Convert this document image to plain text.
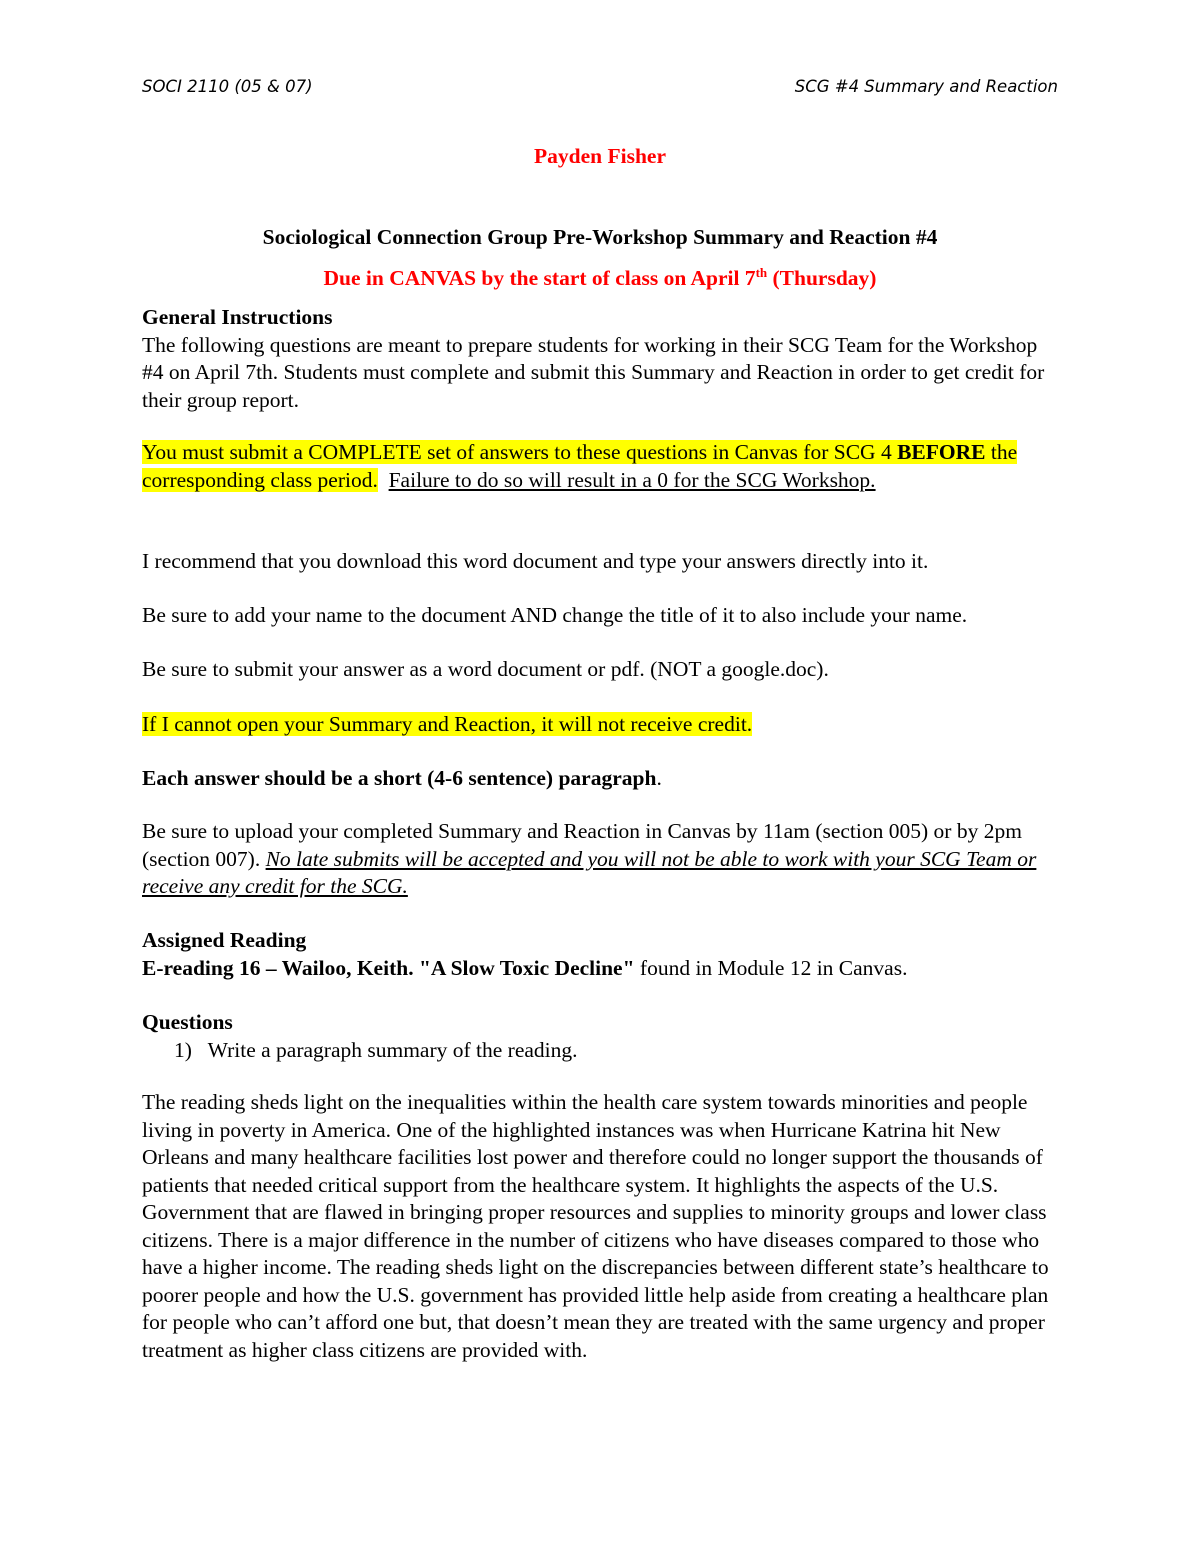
SOCI 2110 (05 & 07)	SCG #4 Summary and Reaction
Payden Fisher
Sociological Connection Group Pre-Workshop Summary and Reaction #4
Due in CANVAS by the start of class on April 7th (Thursday)

General Instructions

The following questions are meant to prepare students for working in their SCG Team for the Workshop #4 on April 7th. Students must complete and submit this Summary and Reaction in order to get credit for their group report.

You must submit a COMPLETE set of answers to these questions in Canvas for SCG 4 BEFORE the corresponding class period. Failure to do so will result in a 0 for the SCG Workshop.

I recommend that you download this word document and type your answers directly into it.
Be sure to add your name to the document AND change the title of it to also include your name.
Be sure to submit your answer as a word document or pdf. (NOT a google.doc).
If I cannot open your Summary and Reaction, it will not receive credit.
Each answer should be a short (4-6 sentence) paragraph.

Be sure to upload your completed Summary and Reaction in Canvas by 11am (section 005) or by 2pm (section 007). No late submits will be accepted and you will not be able to work with your SCG Team or receive any credit for the SCG.

Assigned Reading

E-reading 16 – Wailoo, Keith. "A Slow Toxic Decline" found in Module 12 in Canvas.

Questions

1) Write a paragraph summary of the reading.

The reading sheds light on the inequalities within the health care system towards minorities and people living in poverty in America. One of the highlighted instances was when Hurricane Katrina hit New Orleans and many healthcare facilities lost power and therefore could no longer support the thousands of patients that needed critical support from the healthcare system. It highlights the aspects of the U.S. Government that are flawed in bringing proper resources and supplies to minority groups and lower class citizens. There is a major difference in the number of citizens who have diseases compared to those who have a higher income. The reading sheds light on the discrepancies between different state’s healthcare to poorer people and how the U.S. government has provided little help aside from creating a healthcare plan for people who can’t afford one but, that doesn’t mean they are treated with the same urgency and proper treatment as higher class citizens are provided with.
